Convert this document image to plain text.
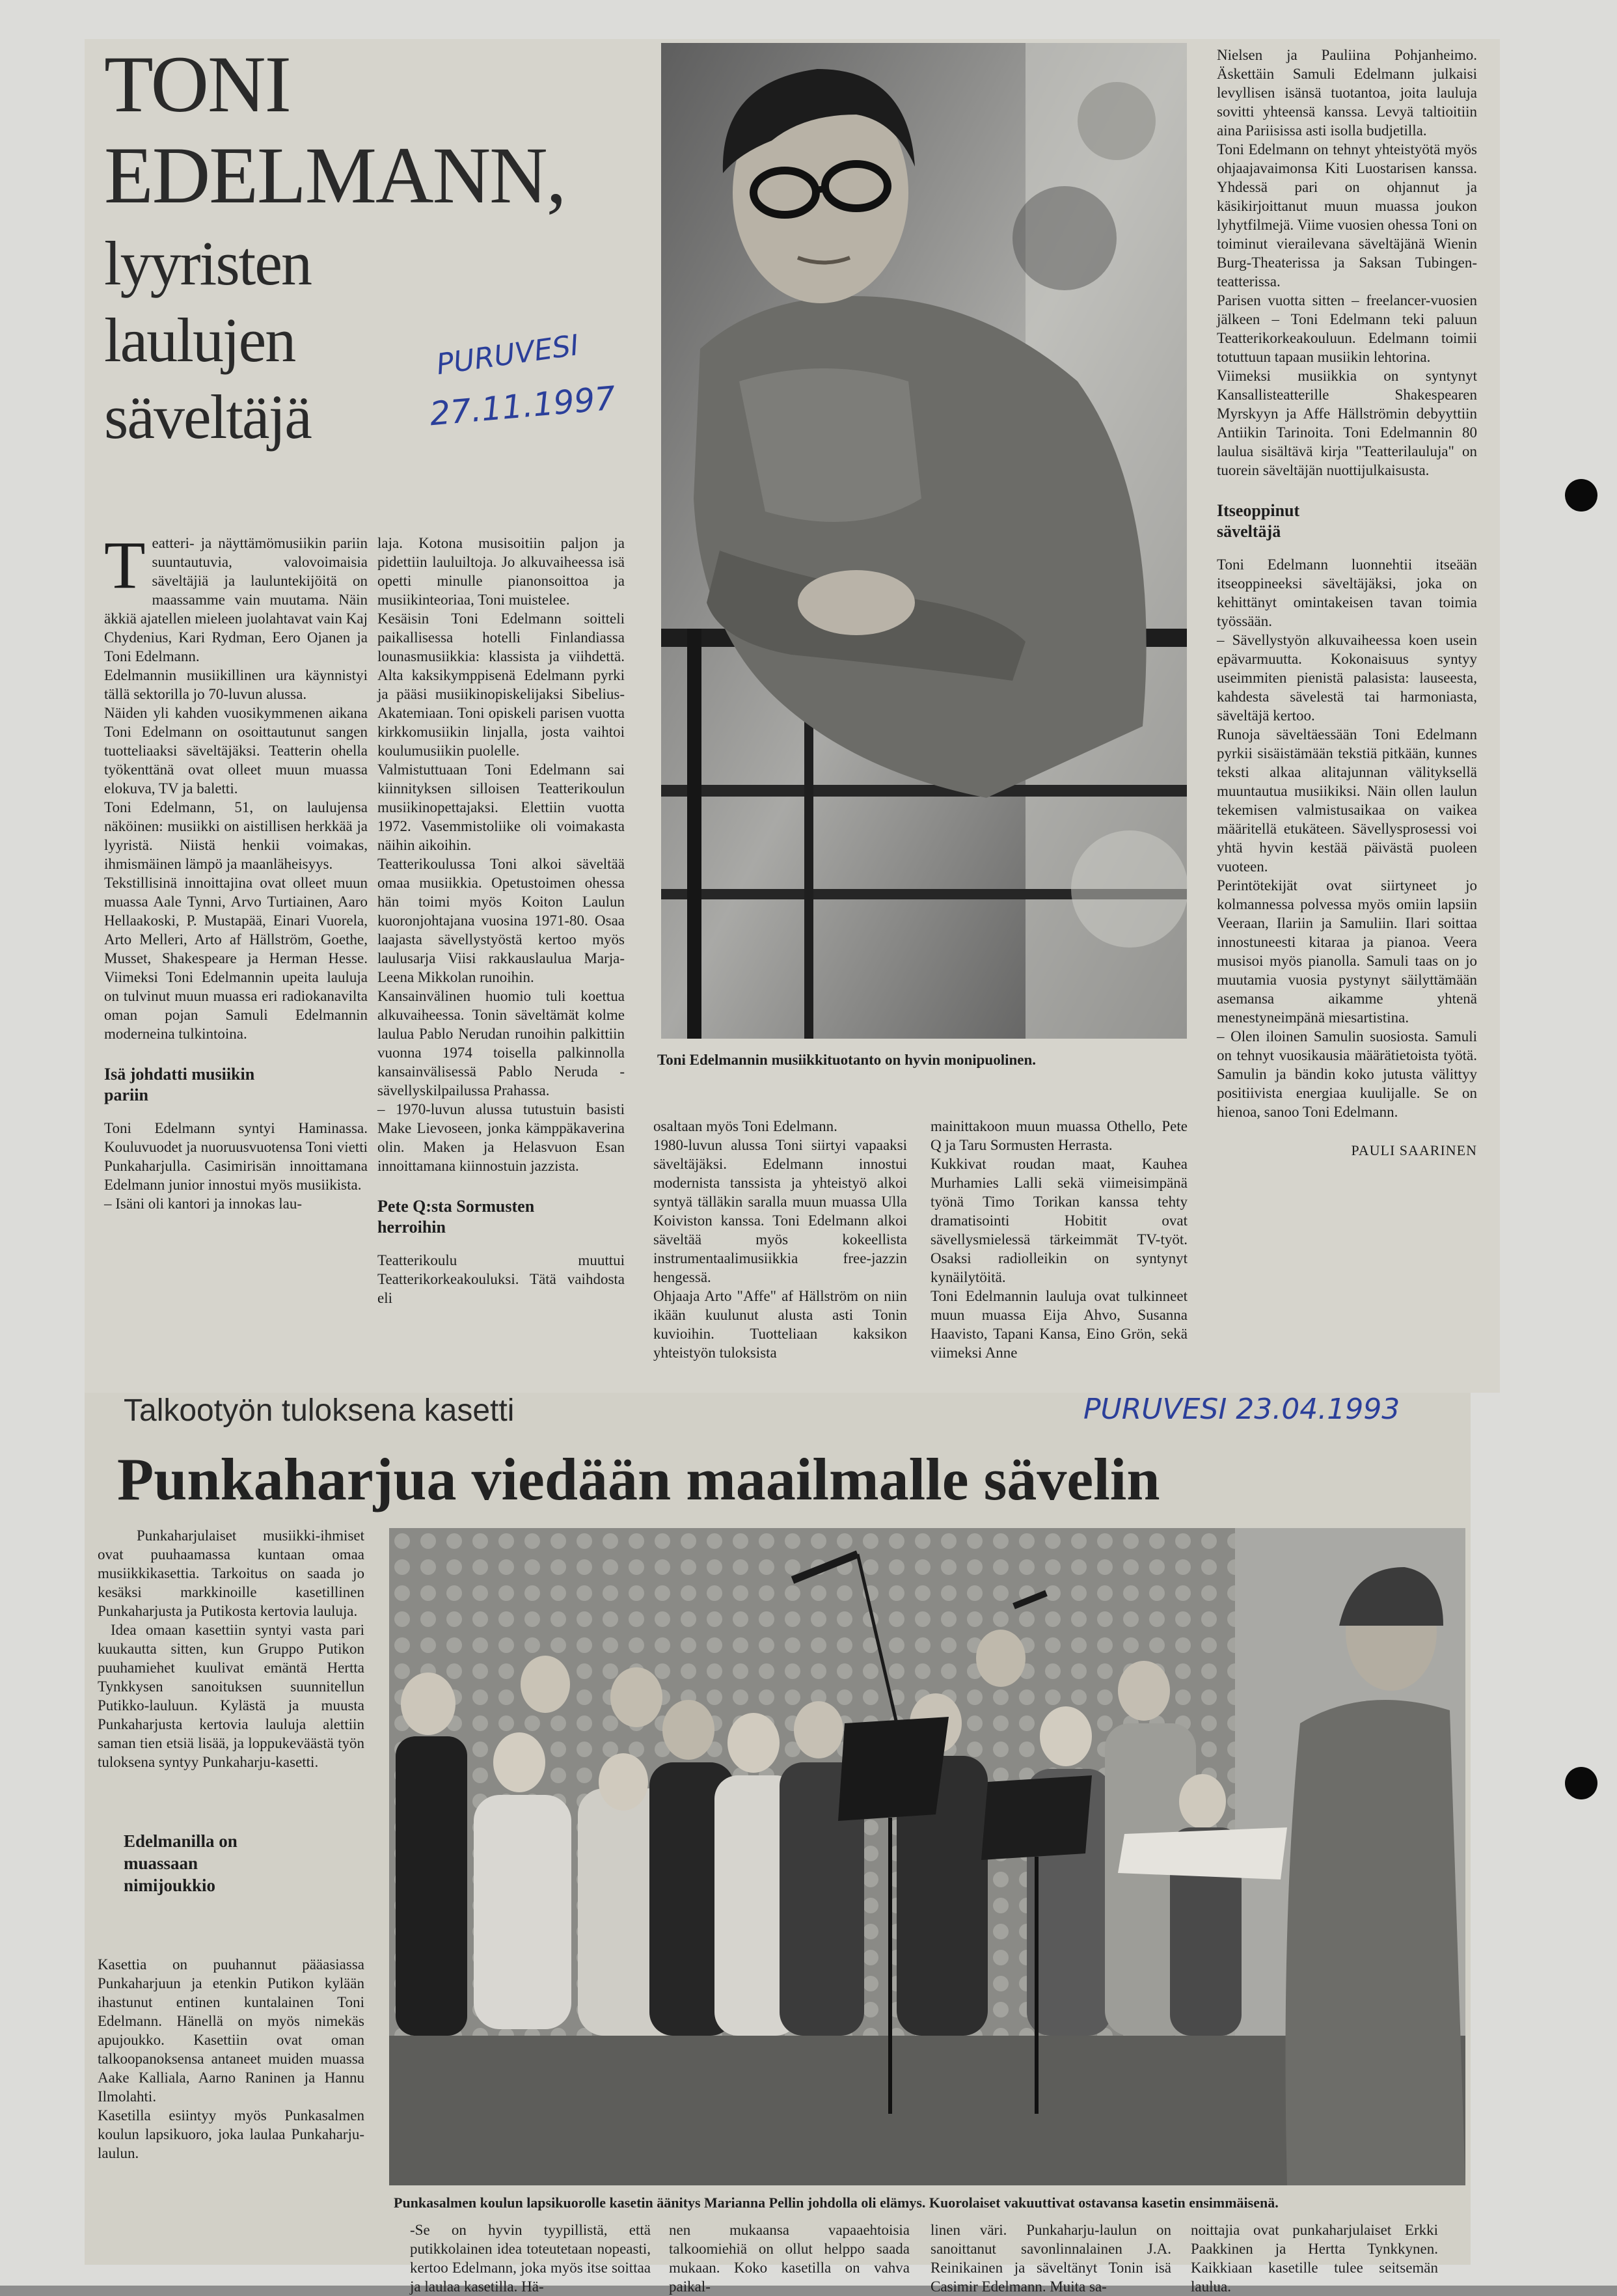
TONI
EDELMANN,
lyyristen
laulujen
säveltäjä
PURUVESI
27.11.1997

Teatteri- ja näyttämömusiikin pariin suuntautuvia, valovoimaisia säveltäjiä ja lauluntekijöitä on maassamme vain muutama. Näin äkkiä ajatellen mieleen juolahtavat vain Kaj Chydenius, Kari Rydman, Eero Ojanen ja Toni Edelmann.

Edelmannin musiikillinen ura käynnistyi tällä sektorilla jo 70-luvun alussa.

Näiden yli kahden vuosikymmenen aikana Toni Edelmann on osoittautunut sangen tuotteliaaksi säveltäjäksi. Teatterin ohella työkenttänä ovat olleet muun muassa elokuva, TV ja baletti.

Toni Edelmann, 51, on laulujensa näköinen: musiikki on aistillisen herkkää ja lyyristä. Niistä henkii voimakas, ihmismäinen lämpö ja maanläheisyys.

Tekstillisinä innoittajina ovat olleet muun muassa Aale Tynni, Arvo Turtiainen, Aaro Hellaakoski, P. Mustapää, Einari Vuorela, Arto Melleri, Arto af Hällström, Goethe, Musset, Shakespeare ja Herman Hesse. Viimeksi Toni Edelmannin upeita lauluja on tulvinut muun muassa eri radiokanavilta oman pojan Samuli Edelmannin moderneina tulkintoina.

Isä johdatti musiikin pariin

Toni Edelmann syntyi Haminassa. Kouluvuodet ja nuoruusvuotensa Toni vietti Punkaharjulla. Casimirisän innoittamana Edelmann junior innostui myös musiikista.

– Isäni oli kantori ja innokas lau-

laja. Kotona musisoitiin paljon ja pidettiin lauluiltoja. Jo alkuvaiheessa isä opetti minulle pianonsoittoa ja musiikinteoriaa, Toni muistelee.

Kesäisin Toni Edelmann soitteli paikallisessa hotelli Finlandiassa lounasmusiikkia: klassista ja viihdettä. Alta kaksikymppisenä Edelmann pyrki ja pääsi musiikinopiskelijaksi Sibelius-Akatemiaan. Toni opiskeli parisen vuotta kirkkomusiikin linjalla, josta vaihtoi koulumusiikin puolelle.

Valmistuttuaan Toni Edelmann sai kiinnityksen silloisen Teatterikoulun musiikinopettajaksi. Elettiin vuotta 1972. Vasemmistoliike oli voimakasta näihin aikoihin.

Teatterikoulussa Toni alkoi säveltää omaa musiikkia. Opetustoimen ohessa hän toimi myös Koiton Laulun kuoronjohtajana vuosina 1971-80. Osaa laajasta sävellystyöstä kertoo myös laulusarja Viisi rakkauslaulua Marja-Leena Mikkolan runoihin.

Kansainvälinen huomio tuli koettua alkuvaiheessa. Tonin säveltämät kolme laulua Pablo Nerudan runoihin palkittiin vuonna 1974 toisella palkinnolla kansainvälisessä Pablo Neruda -sävellyskilpailussa Prahassa.

– 1970-luvun alussa tutustuin basisti Make Lievoseen, jonka kämppäkaverina olin. Maken ja Helasvuon Esan innoittamana kiinnostuin jazzista.

Pete Q:sta Sormusten herroihin

Teatterikoulu muuttui Teatterikorkeakouluksi. Tätä vaihdosta eli

Toni Edelmannin musiikkituotanto on hyvin monipuolinen.

osaltaan myös Toni Edelmann.

1980-luvun alussa Toni siirtyi vapaaksi säveltäjäksi. Edelmann innostui modernista tanssista ja yhteistyö alkoi syntyä tälläkin saralla muun muassa Ulla Koiviston kanssa. Toni Edelmann alkoi säveltää myös kokeellista instrumentaalimusiikkia free-jazzin hengessä.

Ohjaaja Arto "Affe" af Hällström on niin ikään kuulunut alusta asti Tonin kuvioihin. Tuotteliaan kaksikon yhteistyön tuloksista

mainittakoon muun muassa Othello, Pete Q ja Taru Sormusten Herrasta.

Kukkivat roudan maat, Kauhea Murhamies Lalli sekä viimeisimpänä työnä Timo Torikan kanssa tehty dramatisointi Hobitit ovat sävellysmielessä tärkeimmät TV-työt. Osaksi radiolleikin on syntynyt kynäilytöitä.

Toni Edelmannin lauluja ovat tulkinneet muun muassa Eija Ahvo, Susanna Haavisto, Tapani Kansa, Eino Grön, sekä viimeksi Anne

Nielsen ja Pauliina Pohjanheimo. Äskettäin Samuli Edelmann julkaisi levyllisen isänsä tuotantoa, joita lauluja sovitti yhteensä kanssa. Levyä taltioitiin aina Pariisissa asti isolla budjetilla.

Toni Edelmann on tehnyt yhteistyötä myös ohjaajavaimonsa Kiti Luostarisen kanssa. Yhdessä pari on ohjannut ja käsikirjoittanut muun muassa joukon lyhytfilmejä. Viime vuosien ohessa Toni on toiminut vierailevana säveltäjänä Wienin Burg-Theaterissa ja Saksan Tubingen-teatterissa.

Parisen vuotta sitten – freelancer-vuosien jälkeen – Toni Edelmann teki paluun Teatterikorkeakouluun. Edelmann toimii totuttuun tapaan musiikin lehtorina.

Viimeksi musiikkia on syntynyt Kansallisteatterille Shakespearen Myrskyyn ja Affe Hällströmin debyyttiin Antiikin Tarinoita. Toni Edelmannin 80 laulua sisältävä kirja "Teatterilauluja" on tuorein säveltäjän nuottijulkaisusta.

Itseoppinut säveltäjä

Toni Edelmann luonnehtii itseään itseoppineeksi säveltäjäksi, joka on kehittänyt omintakeisen tavan toimia työssään.

– Sävellystyön alkuvaiheessa koen usein epävarmuutta. Kokonaisuus syntyy useimmiten pienistä palasista: lauseesta, kahdesta sävelestä tai harmoniasta, säveltäjä kertoo.

Runoja säveltäessään Toni Edelmann pyrkii sisäistämään tekstiä pitkään, kunnes teksti alkaa alitajunnan välityksellä muuntautua musiikiksi. Näin ollen laulun tekemisen valmistusaikaa on vaikea määritellä etukäteen. Sävellysprosessi voi yhtä hyvin kestää päivästä puoleen vuoteen.

Perintötekijät ovat siirtyneet jo kolmannessa polvessa myös omiin lapsiin Veeraan, Ilariin ja Samuliin. Ilari soittaa innostuneesti kitaraa ja pianoa. Veera musisoi myös pianolla. Samuli taas on jo muutamia vuosia pystynyt säilyttämään asemansa aikamme yhtenä menestyneimpänä miesartistina.

– Olen iloinen Samulin suosiosta. Samuli on tehnyt vuosikausia määrätietoista työtä. Samulin ja bändin koko jutusta välittyy positiivista energiaa kuulijalle. Se on hienoa, sanoo Toni Edelmann.

PAULI SAARINEN
Talkootyön tuloksena kasetti	PURUVESI 23.04.1993
Punkaharjua viedään maailmalle sävelin

Punkaharjulaiset musiikki-ihmiset ovat puuhaamassa kuntaan omaa musiikkikasettia. Tarkoitus on saada jo kesäksi markkinoille kasetillinen Punkaharjusta ja Putikosta kertovia lauluja.

Idea omaan kasettiin syntyi vasta pari kuukautta sitten, kun Gruppo Putikon puuhamiehet kuulivat emäntä Hertta Tynkkysen sanoituksen suunnitellun Putikko-lauluun. Kylästä ja muusta Punkaharjusta kertovia lauluja alettiin saman tien etsiä lisää, ja loppukeväästä työn tuloksena syntyy Punkaharju-kasetti.

Edelmanilla on muassaan nimijoukkio

Kasettia on puuhannut pääasiassa Punkaharjuun ja etenkin Putikon kylään ihastunut entinen kuntalainen Toni Edelmann. Hänellä on myös nimekäs apujoukko. Kasettiin ovat oman talkoopanoksensa antaneet muiden muassa Aake Kalliala, Aarno Raninen ja Hannu Ilmolahti.

Kasetilla esiintyy myös Punkasalmen koulun lapsikuoro, joka laulaa Punkaharju-laulun.

Punkasalmen koulun lapsikuorolle kasetin äänitys Marianna Pellin johdolla oli elämys. Kuorolaiset vakuuttivat ostavansa kasetin ensimmäisenä.

-Se on hyvin tyypillistä, että putikkolainen idea toteutetaan nopeasti, kertoo Edelmann, joka myös itse soittaa ja laulaa kasetilla. Hä-

nen mukaansa vapaaehtoisia talkoomiehiä on ollut helppo saada mukaan. Koko kasetilla on vahva paikal-

linen väri. Punkaharju-laulun on sanoittanut savonlinnalainen J.A. Reinikainen ja säveltänyt Tonin isä Casimir Edelmann. Muita sa-

noittajia ovat punkaharjulaiset Erkki Paakkinen ja Hertta Tynkkynen. Kaikkiaan kasetille tulee seitsemän laulua.
